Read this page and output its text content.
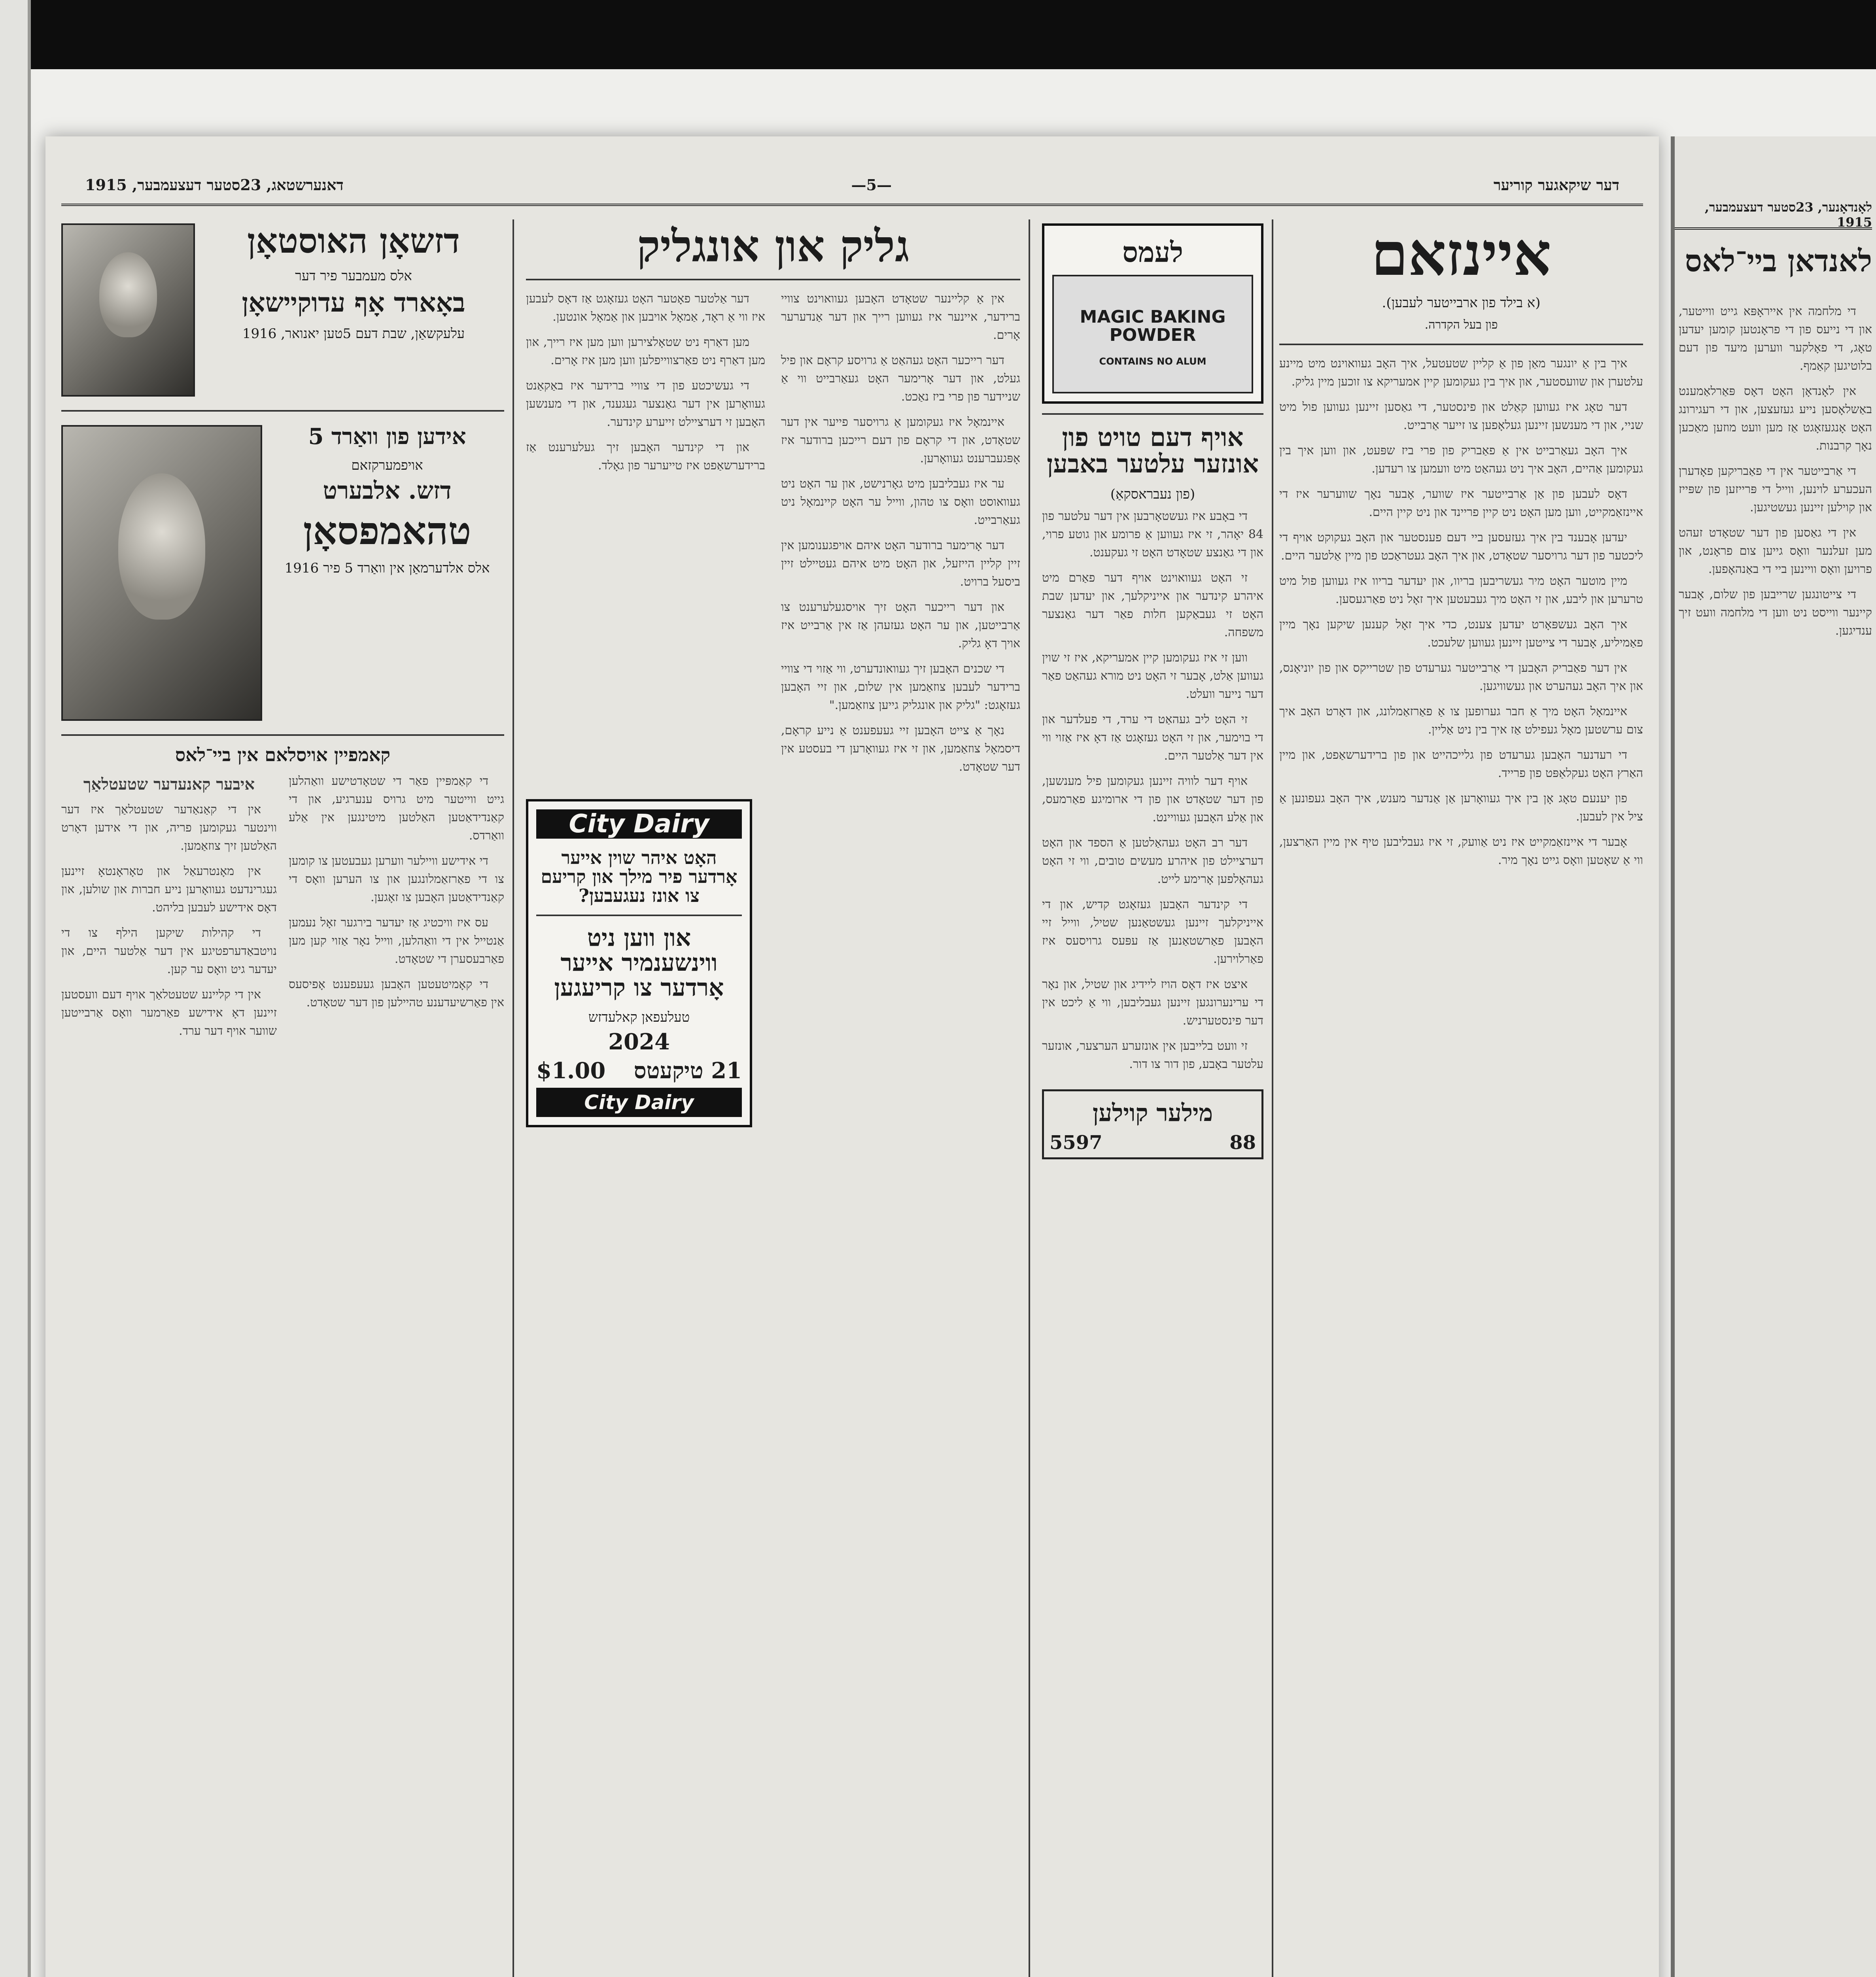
דער שיקאגער קוריער
—5—
דאנערשטאג, 23סטער דעצעמבער, 1915
איינזאם
(א בילד פון ארבייטער לעבען).
פון בעל הקדרה.

איך בין אַ יונגער מאַן פון אַ קליין שטעטעל, איך האָב געוואוינט מיט מיינע עלטערן און שוועסטער, און איך בין געקומען קיין אמעריקא צו זוכען מיין גליק.

דער טאָג איז געווען קאַלט און פינסטער, די גאַסען זיינען געווען פול מיט שניי, און די מענשען זיינען געלאָפען צו זייער אַרבייט.

איך האָב געאַרבייט אין אַ פאַבריק פון פרי ביז שפּעט, און ווען איך בין געקומען אַהיים, האָב איך ניט געהאַט מיט וועמען צו רעדען.

דאָס לעבען פון אַן אַרבייטער איז שווער, אָבער נאָך שווערער איז די איינזאַמקייט, ווען מען האָט ניט קיין פריינד און ניט קיין היים.

יעדען אָבענד בין איך געזעסען ביי דעם פענסטער און האָב געקוקט אויף די ליכטער פון דער גרויסער שטאָדט, און איך האָב געטראַכט פון מיין אַלטער היים.

מיין מוטער האָט מיר געשריבען בריוו, און יעדער בריוו איז געווען פול מיט טרערען און ליבע, און זי האָט מיך געבעטען איך זאָל ניט פאַרגעסען.

איך האָב געשפּאָרט יעדען צענט, כדי איך זאָל קענען שיקען נאָך מיין פאַמיליע, אָבער די צייטען זיינען געווען שלעכט.

אין דער פאַבריק האָבען די אַרבייטער גערעדט פון שטרייקס און פון יוניאָנס, און איך האָב געהערט און געשוויגען.

איינמאָל האָט מיך אַ חבר גערופען צו אַ פאַרזאַמלונג, און דאָרט האָב איך צום ערשטען מאָל געפילט אַז איך בין ניט אַליין.

די רעדנער האָבען גערעדט פון גלייכהייט און פון ברידערשאַפט, און מיין האַרץ האָט געקלאַפּט פון פרייד.

פון יענעם טאָג אָן בין איך געוואָרען אַן אַנדער מענש, איך האָב געפונען אַ ציל אין לעבען.

אָבער די איינזאַמקייט איז ניט אַוועק, זי איז געבליבען טיף אין מיין האַרצען, ווי אַ שאָטען וואָס גייט נאָך מיר.

לעמס
MAGIC BAKING POWDER
CONTAINS NO ALUM
אויף דעם טויט פון אונזער עלטער באבען
(פון נעבראסקאַ)

די באָבע איז געשטאָרבען אין דער עלטער פון 84 יאָהר, זי איז געווען אַ פרומע און גוטע פרוי, און די גאַנצע שטאָדט האָט זי געקענט.

זי האָט געוואוינט אויף דער פאַרם מיט איהרע קינדער און אייניקלעך, און יעדען שבת האָט זי געבאַקען חלות פאַר דער גאַנצער משפחה.

ווען זי איז געקומען קיין אמעריקא, איז זי שוין געווען אַלט, אָבער זי האָט ניט מורא געהאַט פאַר דער נייער וועלט.

זי האָט ליב געהאַט די ערד, די פעלדער און די בוימער, און זי האָט געזאָגט אַז דאָ איז אַזוי ווי אין דער אַלטער היים.

אויף דער לוויה זיינען געקומען פיל מענשען, פון דער שטאָדט און פון די ארומיגע פאַרמעס, און אַלע האָבען געוויינט.

דער רב האָט געהאַלטען אַ הספד און האָט דערציילט פון איהרע מעשים טובים, ווי זי האָט געהאָלפען אָרימע לייט.

די קינדער האָבען געזאָגט קדיש, און די אייניקלעך זיינען געשטאַנען שטיל, ווייל זיי האָבען פאַרשטאַנען אַז עפּעס גרויסעס איז פאַרלוירען.

איצט איז דאָס הויז ליידיג און שטיל, און נאָר די ערינערונגען זיינען געבליבען, ווי אַ ליכט אין דער פינסטערניש.

זי וועט בלייבען אין אונזערע הערצער, אונזער עלטער באָבע, פון דור צו דור.

מילער קוילען
88
5597
גליק און אונגליק

אין אַ קליינער שטאָדט האָבען געוואוינט צוויי ברידער, איינער איז געווען רייך און דער אַנדערער אָרים.

דער רייכער האָט געהאַט אַ גרויסע קראָם און פיל געלט, און דער אָרימער האָט געאַרבייט ווי אַ שניידער פון פרי ביז נאַכט.

איינמאָל איז געקומען אַ גרויסער פייער אין דער שטאָדט, און די קראָם פון דעם רייכען ברודער איז אָפּגעברענט געוואָרען.

ער איז געבליבען מיט גאָרנישט, און ער האָט ניט געוואוסט וואָס צו טהון, ווייל ער האָט קיינמאָל ניט געאַרבייט.

דער אָרימער ברודער האָט איהם אויפגענומען אין זיין קליין הייזעל, און האָט מיט איהם געטיילט זיין ביסעל ברויט.

און דער רייכער האָט זיך אויסגעלערענט צו אַרבייטען, און ער האָט געזעהן אַז אין אַרבייט איז אויך דאָ גליק.

די שכנים האָבען זיך געוואונדערט, ווי אַזוי די צוויי ברידער לעבען צוזאַמען אין שלום, און זיי האָבען געזאָגט: "גליק און אונגליק גייען צוזאַמען."

נאָך אַ צייט האָבען זיי געעפענט אַ נייע קראָם, דיסמאָל צוזאַמען, און זי איז געוואָרען די בעסטע אין דער שטאָדט.

דער אַלטער פאָטער האָט געזאָגט אַז דאָס לעבען איז ווי אַ ראָד, אַמאָל אויבען און אַמאָל אונטען.

מען דאַרף ניט שטאָלצירען ווען מען איז רייך, און מען דאַרף ניט פאַרצווייפלען ווען מען איז אָרים.

די געשיכטע פון די צוויי ברידער איז באַקאַנט געוואָרען אין דער גאַנצער געגענד, און די מענשען האָבען זי דערציילט זייערע קינדער.

און די קינדער האָבען זיך געלערענט אַז ברידערשאַפט איז טייערער פון גאָלד.

City Dairy
האָט איהר שוין אייער אָרדער פיר מילך און קריעם צו אונז נעגעבען?
און ווען ניט ווינשענמיר אייער אָרדער צו קריעגען
טעלעפאן קאלעדזש
2024
21 טיקעטס
$1.00
City Dairy
דזשאָן האוסטאָן
אלס מעמבער פיר דער
באָארד אָף עדוקיישאָן
עלעקשאַן, שבת דעם 5טען יאנואר, 1916
אידען פון וואַרד 5
אויפמערקזאם
דזש. אלבערט
טהאמפסאָן
אלס אלדערמאַן אין וואַרד 5 פיר 1916
קאמפיין אויסלאם אין ביי־לאס

די קאַמפּיין פאַר די שטאָדטישע וואַהלען גייט ווייטער מיט גרויס ענערגיע, און די קאַנדידאַטען האַלטען מיטינגען אין אַלע וואַרדס.

די אידישע וויילער ווערען געבעטען צו קומען צו די פאַרזאַמלונגען און צו הערען וואָס די קאַנדידאַטען האָבען צו זאָגען.

עס איז וויכטיג אַז יעדער בירגער זאָל נעמען אַנטייל אין די וואַהלען, ווייל נאָר אַזוי קען מען פאַרבעסערן די שטאָדט.

די קאָמיטעטען האָבען געעפענט אָפיסעס אין פאַרשיעדענע טהיילען פון דער שטאָדט.

איבער קאנעדער שטעטלאַך

אין די קאַנאַדער שטעטלאַך איז דער ווינטער געקומען פריה, און די אידען דאָרט האַלטען זיך צוזאַמען.

אין מאָנטרעאַל און טאָראָנטאָ זיינען געגרינדעט געוואָרען נייע חברות און שולען, און דאָס אידישע לעבען בליהט.

די קהילות שיקען הילף צו די נויטבאַדערפטיגע אין דער אַלטער היים, און יעדער גיט וואָס ער קען.

אין די קליינע שטעטלאַך אויף דעם וועסטען זיינען דאָ אידישע פאַרמער וואָס אַרבייטען שווער אויף דער ערד.

לאָנדאָנער, 23סטער דעצעמבער, 1915
לאנדאן ביי־לאס

די מלחמה אין אייראָפּא גייט ווייטער, און די נייעס פון די פראָנטען קומען יעדען טאָג, די פאָלקער ווערען מיעד פון דעם בלוטיגען קאַמף.

אין לאָנדאָן האָט דאָס פּאַרלאַמענט באַשלאָסען נייע געזעצען, און די רעגירונג האָט אָנגעזאָגט אַז מען וועט מוזען מאַכען נאָך קרבנות.

די אַרבייטער אין די פאַבריקען פאָדערן העכערע לוינען, ווייל די פּרייזען פון שפּייז און קוילען זיינען געשטיגען.

אין די גאַסען פון דער שטאָדט זעהט מען זעלנער וואָס גייען צום פראָנט, און פרויען וואָס וויינען ביי די באַנהאָפען.

די צייטונגען שרייבען פון שלום, אָבער קיינער ווייסט ניט ווען די מלחמה וועט זיך ענדיגען.
